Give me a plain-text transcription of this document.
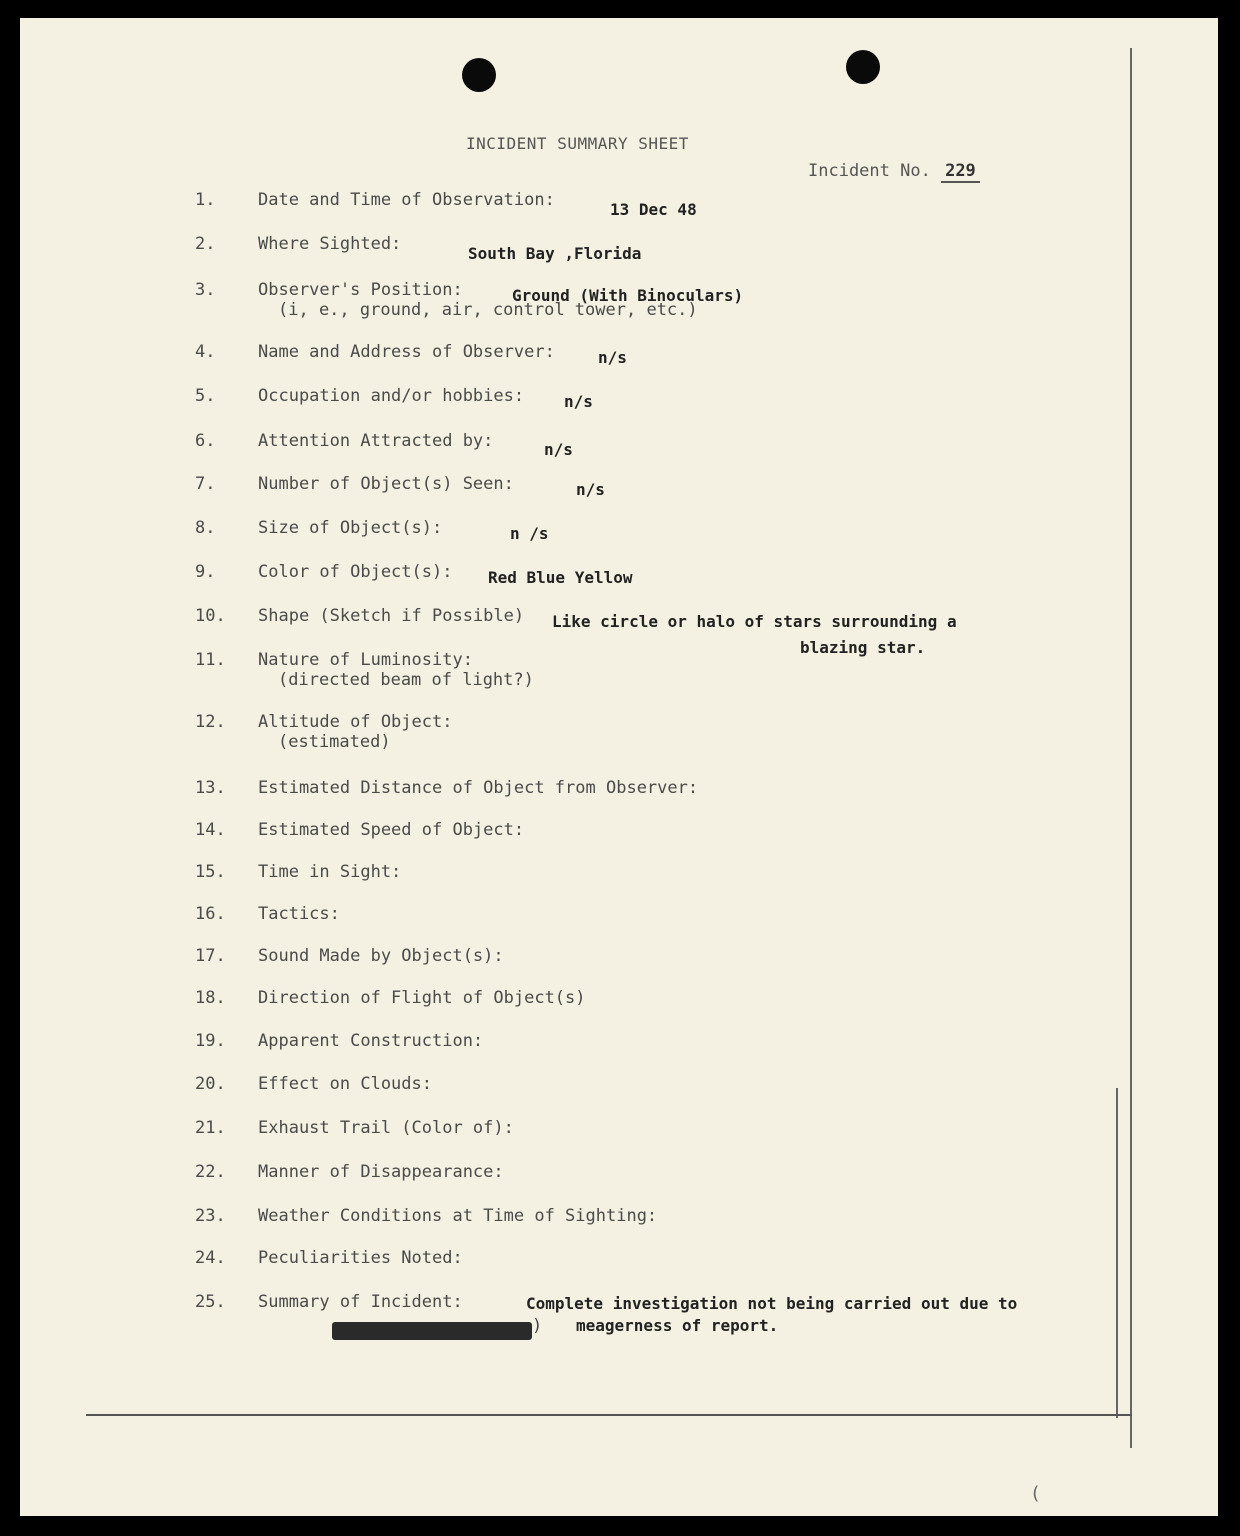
INCIDENT SUMMARY SHEET
Incident No. 229
1.	Date and Time of Observation:	13 Dec 48
2.	Where Sighted:	South Bay ,Florida
3.	Observer's Position:
(i, e., ground, air, control tower, etc.)
Ground (With Binoculars)
4.	Name and Address of Observer:	n/s
5.	Occupation and/or hobbies: n/s
6.	Attention Attracted by:	n/s
7.	Number of Object(s) Seen:	n/s
8.	Size of Object(s):	n /s
9.	Color of Object(s): Red Blue Yellow
10. Shape (Sketch if Possible) Like circle or halo of stars surrounding a
blazing star.
11. Nature of Luminosity:
(directed beam of light?)
12. Altitude of Object:
(estimated)
13. Estimated Distance of Object from Observer:
14. Estimated Speed of Object:
15. Time in Sight:
16. Tactics:
17. Sound Made by Object(s):
18. Direction of Flight of Object(s)
19. Apparent Construction:
20. Effect on Clouds:
21. Exhaust Trail (Color of):
22. Manner of Disappearance:
23. Weather Conditions at Time of Sighting:
24. Peculiarities Noted:
25. Summary of Incident:	Complete investigation not being carried out due to
meagerness of report.
)
(
